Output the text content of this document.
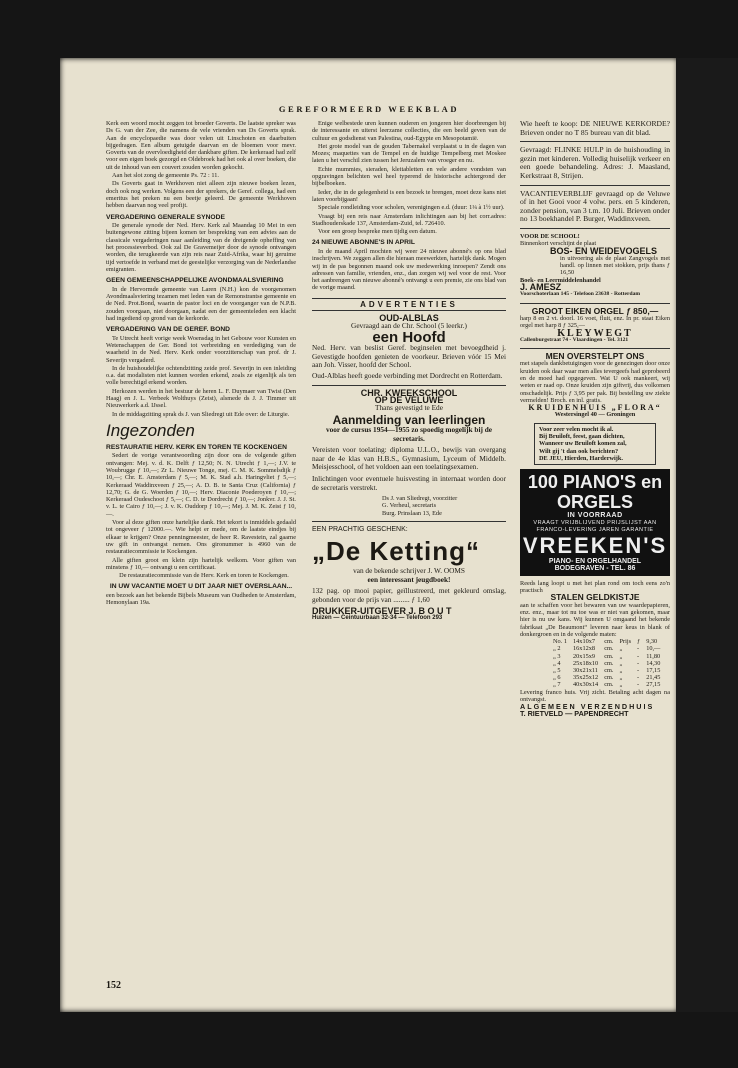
GEREFORMEERD WEEKBLAD

Kerk een woord mocht zeggen tot broeder Goverts. De laatste spreker was Ds G. van der Zee, die namens de vele vrienden van Ds Goverts sprak. Aan de encyclopaedie was door velen uit Linschoten en daarbuiten bijgedragen. Een album getuigde daarvan en de bloemen voor mevr. Goverts van de overvloedigheid der dankbare giften. De kerkeraad had zelf voor een eigen boek gezorgd en Oldebroek had het ook al over boeken, die uit de inhoud van een couvert zouden worden gekocht.

Aan het slot zong de gemeente Ps. 72 : 11.

Ds Goverts gaat in Werkhoven niet alleen zijn nieuwe boeken lezen, doch ook nog werken. Volgens een der sprekers, de Geref. collega, had een emeritus het preken nu een beetje geleerd. De gemeente Werkhoven hebben daarvan nog veel profijt.

VERGADERING GENERALE SYNODE

De generale synode der Ned. Herv. Kerk zal Maandag 10 Mei in een buitengewone zitting bijeen komen ter bespreking van een advies aan de classicale vergaderingen naar aanleiding van de dreigende opheffing van het processieverbod. Ook zal De Gravemeijer door de synode ontvangen worden, die terugkeerde van zijn reis naar Zuid-Afrika, waar hij geruime tijd vertoefde in verband met de geestelijke verzorging van de Nederlandse emigranten.

GEEN GEMEENSCHAPPELIJKE AVONDMAALSVIERING

In de Hervormde gemeente van Laren (N.H.) kon de voorgenomen Avondmaalsviering tezamen met leden van de Remonstrantse gemeente en de Ned. Prot.Bond, waarin de pastor loci en de voorganger van de N.P.B. zouden voorgaan, niet doorgaan, nadat een der gemeenteleden een klacht had ingediend op grond van de kerkorde.

VERGADERING VAN DE GEREF. BOND

Te Utrecht heeft vorige week Woensdag in het Gebouw voor Kunsten en Wetenschappen de Ger. Bond tot verbreiding en verdediging van de waarheid in de Ned. Herv. Kerk onder voorzitterschap van prof. dr J. Severijn vergaderd.

In de huishoudelijke ochtendzitting zeide prof. Severijn in een inleiding o.a. dat modalisten niet kunnen worden erkend, zoals ze eigenlijk als ten volle berechtigd erkend worden.

Herkozen werden in het bestuur de heren L. F. Duymaer van Twist (Den Haag) en J. L. Verbeek Wolthuys (Zeist), alsmede ds J. J. Timmer uit Nieuwerkerk a.d. IJssel.

In de middagzitting sprak ds J. van Sliedregt uit Ede over: de Liturgie.

Ingezonden
RESTAURATIE HERV. KERK EN TOREN TE KOCKENGEN

Sedert de vorige verantwoording zijn door ons de volgende giften ontvangen: Mej. v. d. K. Delft ƒ 12,50; N. N. Utrecht ƒ 1,—; J.V. te Woubrugge ƒ 10,—; Zr L. Nieuwe Tonge, mej. C. M. K. Sommelsdijk ƒ 10,—; Chr. E. Amsterdam ƒ 5,—; M. K. Stad a.h. Haringvliet ƒ 5,—; Kerkeraad Waddinxveen ƒ 25,—; A. D. B. te Santa Cruz (California) ƒ 12,70; G. de G. Woerden ƒ 10,—; Herv. Diaconie Poederoyen ƒ 10,—; Kerkeraad Oudeschoot ƒ 5,—; C. D. te Dordrecht ƒ 10,—; Jonkvr. J. J. St. v. L. te Cairo ƒ 10,—; J. v. K. Ouddorp ƒ 10,—; Mej. J. M. K. Zeist ƒ 10,—.

Voor al deze giften onze hartelijke dank. Het tekort is inmiddels gedaald tot ongeveer ƒ 12000.—. Wie helpt er mede, om de laatste eindjes bij elkaar te krijgen? Onze penningmeester, de heer R. Ravestein, zal gaarne uw gift in ontvangst nemen. Ons gironummer is 4960 van de restauratiecommissie te Kockengen.

Alle giften groot en klein zijn hartelijk welkom. Voor giften van minstens ƒ 10,— ontvangt u een certificaat.

De restauratiecommissie van de Herv. Kerk en toren te Kockengen.

IN UW VACANTIE MOET U DIT JAAR NIET OVERSLAAN...

een bezoek aan het bekende Bijbels Museum van Oudheden te Amsterdam, Hemonylaan 19a.

Enige welbestede uren kunnen ouderen en jongeren hier doorbrengen bij de interessante en uiterst leerzame collecties, die een beeld geven van de cultuur en godsdienst van Palestina, oud-Egypte en Mesopotamië.

Het grote model van de gouden Tabernakel verplaatst u in de dagen van Mozes; maquettes van de Tempel en de huidige Tempelberg met Moskee laten u het verschil zien tussen het Jeruzalem van vroeger en nu.

Echte mummies, sieraden, kleitabletten en vele andere vondsten van opgravingen belichten wel heel typerend de historische achtergrond der bijbelboeken.

Ieder, die in de gelegenheid is een bezoek te brengen, moet deze kans niet laten voorbijgaan!

Speciale rondleiding voor scholen, verenigingen e.d. (duur: 1¼ à 1½ uur).

Vraagt bij een reis naar Amsterdam inlichtingen aan bij het corr.adres: Stadhouderskade 137, Amsterdam-Zuid, tel. 726410.

Voor een groep bespreke men tijdig een datum.

24 NIEUWE ABONNE'S IN APRIL

In de maand April mochten wij weer 24 nieuwe abonné's op ons blad inschrijven. We zeggen allen die hieraan meewerkten, hartelijk dank. Mogen wij in de pas begonnen maand ook uw medewerking inroepen? Zendt ons adressen van familie, vrienden, enz., dan zorgen wij wel voor de rest. Voor het aanbrengen van nieuwe abonné's ontvangt u een premie, zie ons blad van de vorige maand.

ADVERTENTIES
OUD-ALBLAS
Gevraagd aan de Chr. School (5 leerkr.)
een Hoofd
Ned. Herv. van beslist Geref. beginselen met bevoegdheid j. Gevestigde hoofden genieten de voorkeur. Brieven vóór 15 Mei aan Joh. Visser, hoofd der School.
Oud-Alblas heeft goede verbinding met Dordrecht en Rotterdam.
CHR. KWEEKSCHOOL
OP DE VELUWE
Thans gevestigd te Ede
Aanmelding van leerlingen
voor de cursus 1954—1955 zo spoedig mogelijk bij de secretaris.
Vereisten voor toelating: diploma U.L.O., bewijs van overgang naar de 4e klas van H.B.S., Gymnasium, Lyceum of Middelb. Meisjesschool, of het voldoen aan een toelatingsexamen.
Inlichtingen voor eventuele huisvesting in internaat worden door de secretaris verstrekt.
Ds J. van Sliedregt, voorzitter
G. Verheul, secretaris
Burg. Prinslaan 13, Ede
EEN PRACHTIG GESCHENK:
„De Ketting“
van de bekende schrijver J. W. OOMS
een interessant jeugdboek!
132 pag. op mooi papier, geïllustreerd, met gekleurd omslag, gebonden voor de prijs van ......... ƒ 1,60
DRUKKER-UITGEVER J. B O U T
Huizen — Ceintuurbaan 32-34 — Telefoon 293

Wie heeft te koop: DE NIEUWE KERKORDE? Brieven onder no T 85 bureau van dit blad.

Gevraagd: FLINKE HULP in de huishouding in gezin met kinderen. Volledig huiselijk verkeer en een goede behandeling. Adres: J. Maasland, Kerkstraat 8, Strijen.

VACANTIEVERBLIJF gevraagd op de Veluwe of in het Gooi voor 4 volw. pers. en 5 kinderen, zonder pension, van 3 t.m. 10 Juli. Brieven onder no 13 boekhandel P. Burger, Waddinxveen.

VOOR DE SCHOOL!
Binnenkort verschijnt de plaat
BOS- EN WEIDEVOGELS
in uitvoering als de plaat Zangvogels met handl. op linnen met stokken, prijs thans ƒ 16,50
Boek- en Leermiddelenhandel
J. AMESZ
Voorschoterlaan 145 - Telefoon 23638 - Rotterdam
GROOT EIKEN ORGEL ƒ 850,—
harp 8 en 2 vt. doorl. 16 voet, fluit, enz. In pr. staat Eiken orgel met harp 8 ƒ 325,—
KLEYWEGT
Callenburgstraat 74 - Vlaardingen - Tel. 3121
MEN OVERSTELPT ONS
met stapels dankbetuigingen voor de genezingen door onze kruiden ook daar waar men alles tevergeefs had geprobeerd en de moed had opgegeven. Wat U ook mankeert, wij weten er raad op. Onze kruiden zijn giftvrij, dus volkomen onschadelijk. Prijs ƒ 3,95 per pak. Bij bestelling uw ziekte vermelden! Broch. en inl. gratis.
KRUIDENHUIS „FLORA“
Westersingel 40 — Groningen
Voor zeer velen mocht ik al.
Bij Bruiloft, feest, gaan dichten,
Wanneer uw Bruiloft komen zal,
Wilt gij 't dan ook berichten?
DE JEU, Hierden, Harderwijk.
100 PIANO'S en ORGELS
IN VOORRAAD
VRAAGT VRIJBLIJVEND PRIJSLIJST AAN
FRANCO-LEVERING JAREN GARANTIE
VREEKEN'S
PIANO- EN ORGELHANDEL
BODEGRAVEN - TEL. 86
Reeds lang loopt u met het plan rond om toch eens zo'n practisch
STALEN GELDKISTJE
aan te schaffen voor het bewaren van uw waardepapieren, enz. enz., maar tot nu toe was er niet van gekomen, maar hier is nu uw kans. Wij kunnen U omgaand het bekende fabrikaat „De Beaumont“ leveren naar keus in blank of donkergroen en in de volgende maten:
No. 1	14x10x7	cm.	Prijs	ƒ	9,30
„ 2	16x12x8	cm.	„	-	10,—
„ 3	20x15x9	cm.	„	-	11,80
„ 4	25x18x10	cm.	„	-	14,30
„ 5	30x21x11	cm.	„	-	17,15
„ 6	35x25x12	cm.	„	-	21,45
„ 7	40x30x14	cm.	„	-	27,15
Levering franco huis. Vrij zicht. Betaling acht dagen na ontvangst.
ALGEMEEN VERZENDHUIS
T. RIETVELD — PAPENDRECHT
152
